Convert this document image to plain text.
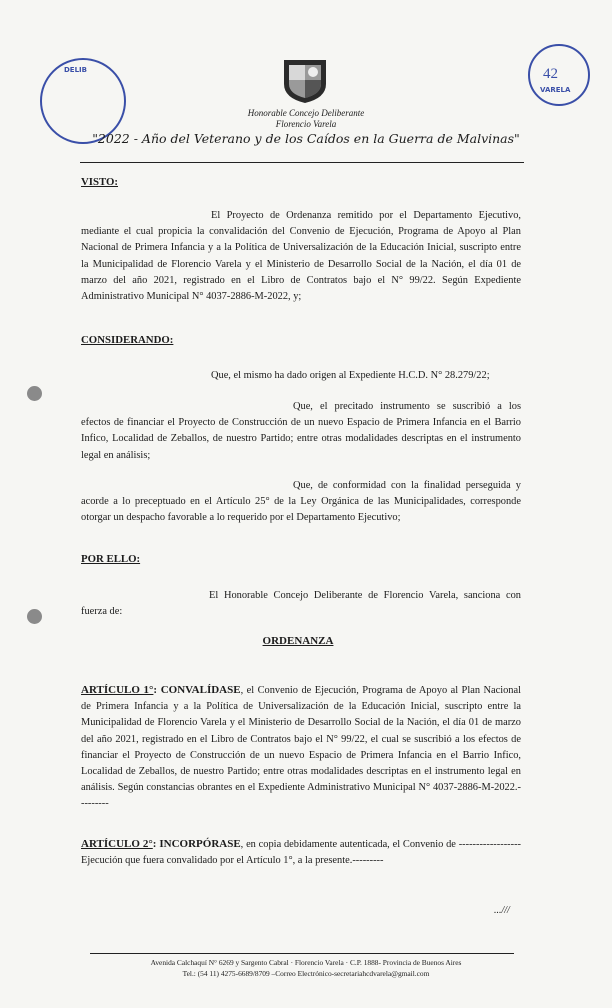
DELIB
VARELA
42
Honorable Concejo Deliberante
Florencio Varela
"2022 - Año del Veterano y de los Caídos en la Guerra de Malvinas"
VISTO:
El Proyecto de Ordenanza remitido por el Departamento Ejecutivo, mediante el cual propicia la convalidación del Convenio de Ejecución, Programa de Apoyo al Plan Nacional de Primera Infancia y a la Política de Universalización de la Educación Inicial, suscripto entre la Municipalidad de Florencio Varela y el Ministerio de Desarrollo Social de la Nación, el día 01 de marzo del año 2021, registrado en el Libro de Contratos bajo el N° 99/22. Según Expediente Administrativo Municipal N° 4037-2886-M-2022, y;
CONSIDERANDO:
Que, el mismo ha dado origen al Expediente H.C.D. N° 28.279/22;
Que, el precitado instrumento se suscribió a los efectos de financiar el Proyecto de Construcción de un nuevo Espacio de Primera Infancia en el Barrio Infico, Localidad de Zeballos, de nuestro Partido; entre otras modalidades descriptas en el instrumento legal en análisis;
Que, de conformidad con la finalidad perseguida y acorde a lo preceptuado en el Artículo 25° de la Ley Orgánica de las Municipalidades, corresponde otorgar un despacho favorable a lo requerido por el Departamento Ejecutivo;
POR ELLO:
El Honorable Concejo Deliberante de Florencio Varela, sanciona con fuerza de:
ORDENANZA
ARTÍCULO 1°: CONVALÍDASE, el Convenio de Ejecución, Programa de Apoyo al Plan Nacional de Primera Infancia y a la Política de Universalización de la Educación Inicial, suscripto entre la Municipalidad de Florencio Varela y el Ministerio de Desarrollo Social de la Nación, el día 01 de marzo del año 2021, registrado en el Libro de Contratos bajo el N° 99/22, el cual se suscribió a los efectos de financiar el Proyecto de Construcción de un nuevo Espacio de Primera Infancia en el Barrio Infico, Localidad de Zeballos, de nuestro Partido; entre otras modalidades descriptas en el instrumento legal en análisis. Según constancias obrantes en el Expediente Administrativo Municipal N° 4037-2886-M-2022.---------
ARTÍCULO 2°: INCORPÓRASE, en copia debidamente autenticada, el Convenio de ------------------ Ejecución que fuera convalidado por el Artículo 1°, a la presente.---------
...///
Avenida Calchaquí N° 6269 y Sargento Cabral · Florencio Varela · C.P. 1888- Provincia de Buenos Aires
Tel.: (54 11) 4275-6689/8709 –Correo Electrónico-secretariahcdvarela@gmail.com
